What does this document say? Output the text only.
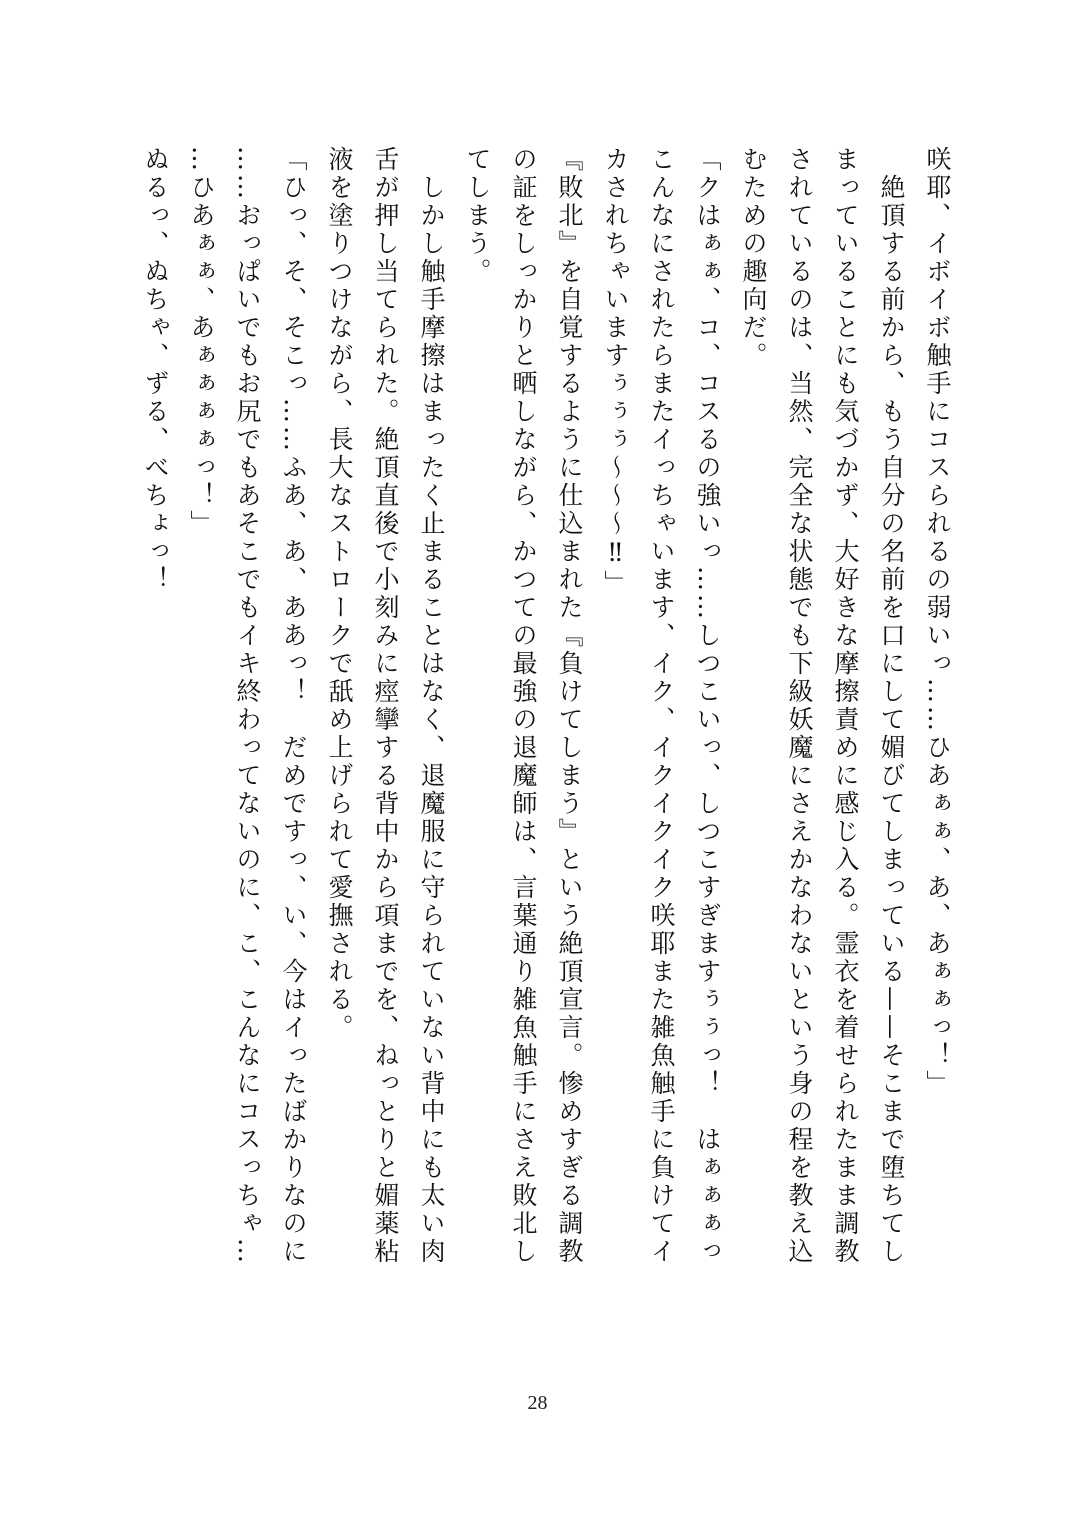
咲耶、イボイボ触手にコスられるの弱いっ……ひあぁぁ、あ、あぁぁっ！」

　絶頂する前から、もう自分の名前を口にして媚びてしまっている——そこまで堕ちてし

まっていることにも気づかず、大好きな摩擦責めに感じ入る。霊衣を着せられたまま調教

されているのは、当然、完全な状態でも下級妖魔にさえかなわないという身の程を教え込

むための趣向だ。

「クはぁぁ、コ、コスるの強いっ……しつこいっ、しつこすぎますぅぅっ！　はぁぁぁっ

こんなにされたらまたイっちゃいます、イク、イクイクイク咲耶また雑魚触手に負けてイ

カされちゃいますぅぅぅ〜〜〜‼」

『敗北』を自覚するように仕込まれた『負けてしまう』という絶頂宣言。惨めすぎる調教

の証をしっかりと晒しながら、かつての最強の退魔師は、言葉通り雑魚触手にさえ敗北し

てしまう。

　しかし触手摩擦はまったく止まることはなく、退魔服に守られていない背中にも太い肉

舌が押し当てられた。絶頂直後で小刻みに痙攣する背中から項までを、ねっとりと媚薬粘

液を塗りつけながら、長大なストロークで舐め上げられて愛撫される。

「ひっ、そ、そこっ……ふあ、あ、ああっ！　だめですっ、い、今はイったばかりなのに

……おっぱいでもお尻でもあそこでもイキ終わってないのに、こ、こんなにコスっちゃ…

…ひあぁぁ、あぁぁぁぁっ！」

ぬるっ、ぬちゃ、ずる、べちょっ！

28
